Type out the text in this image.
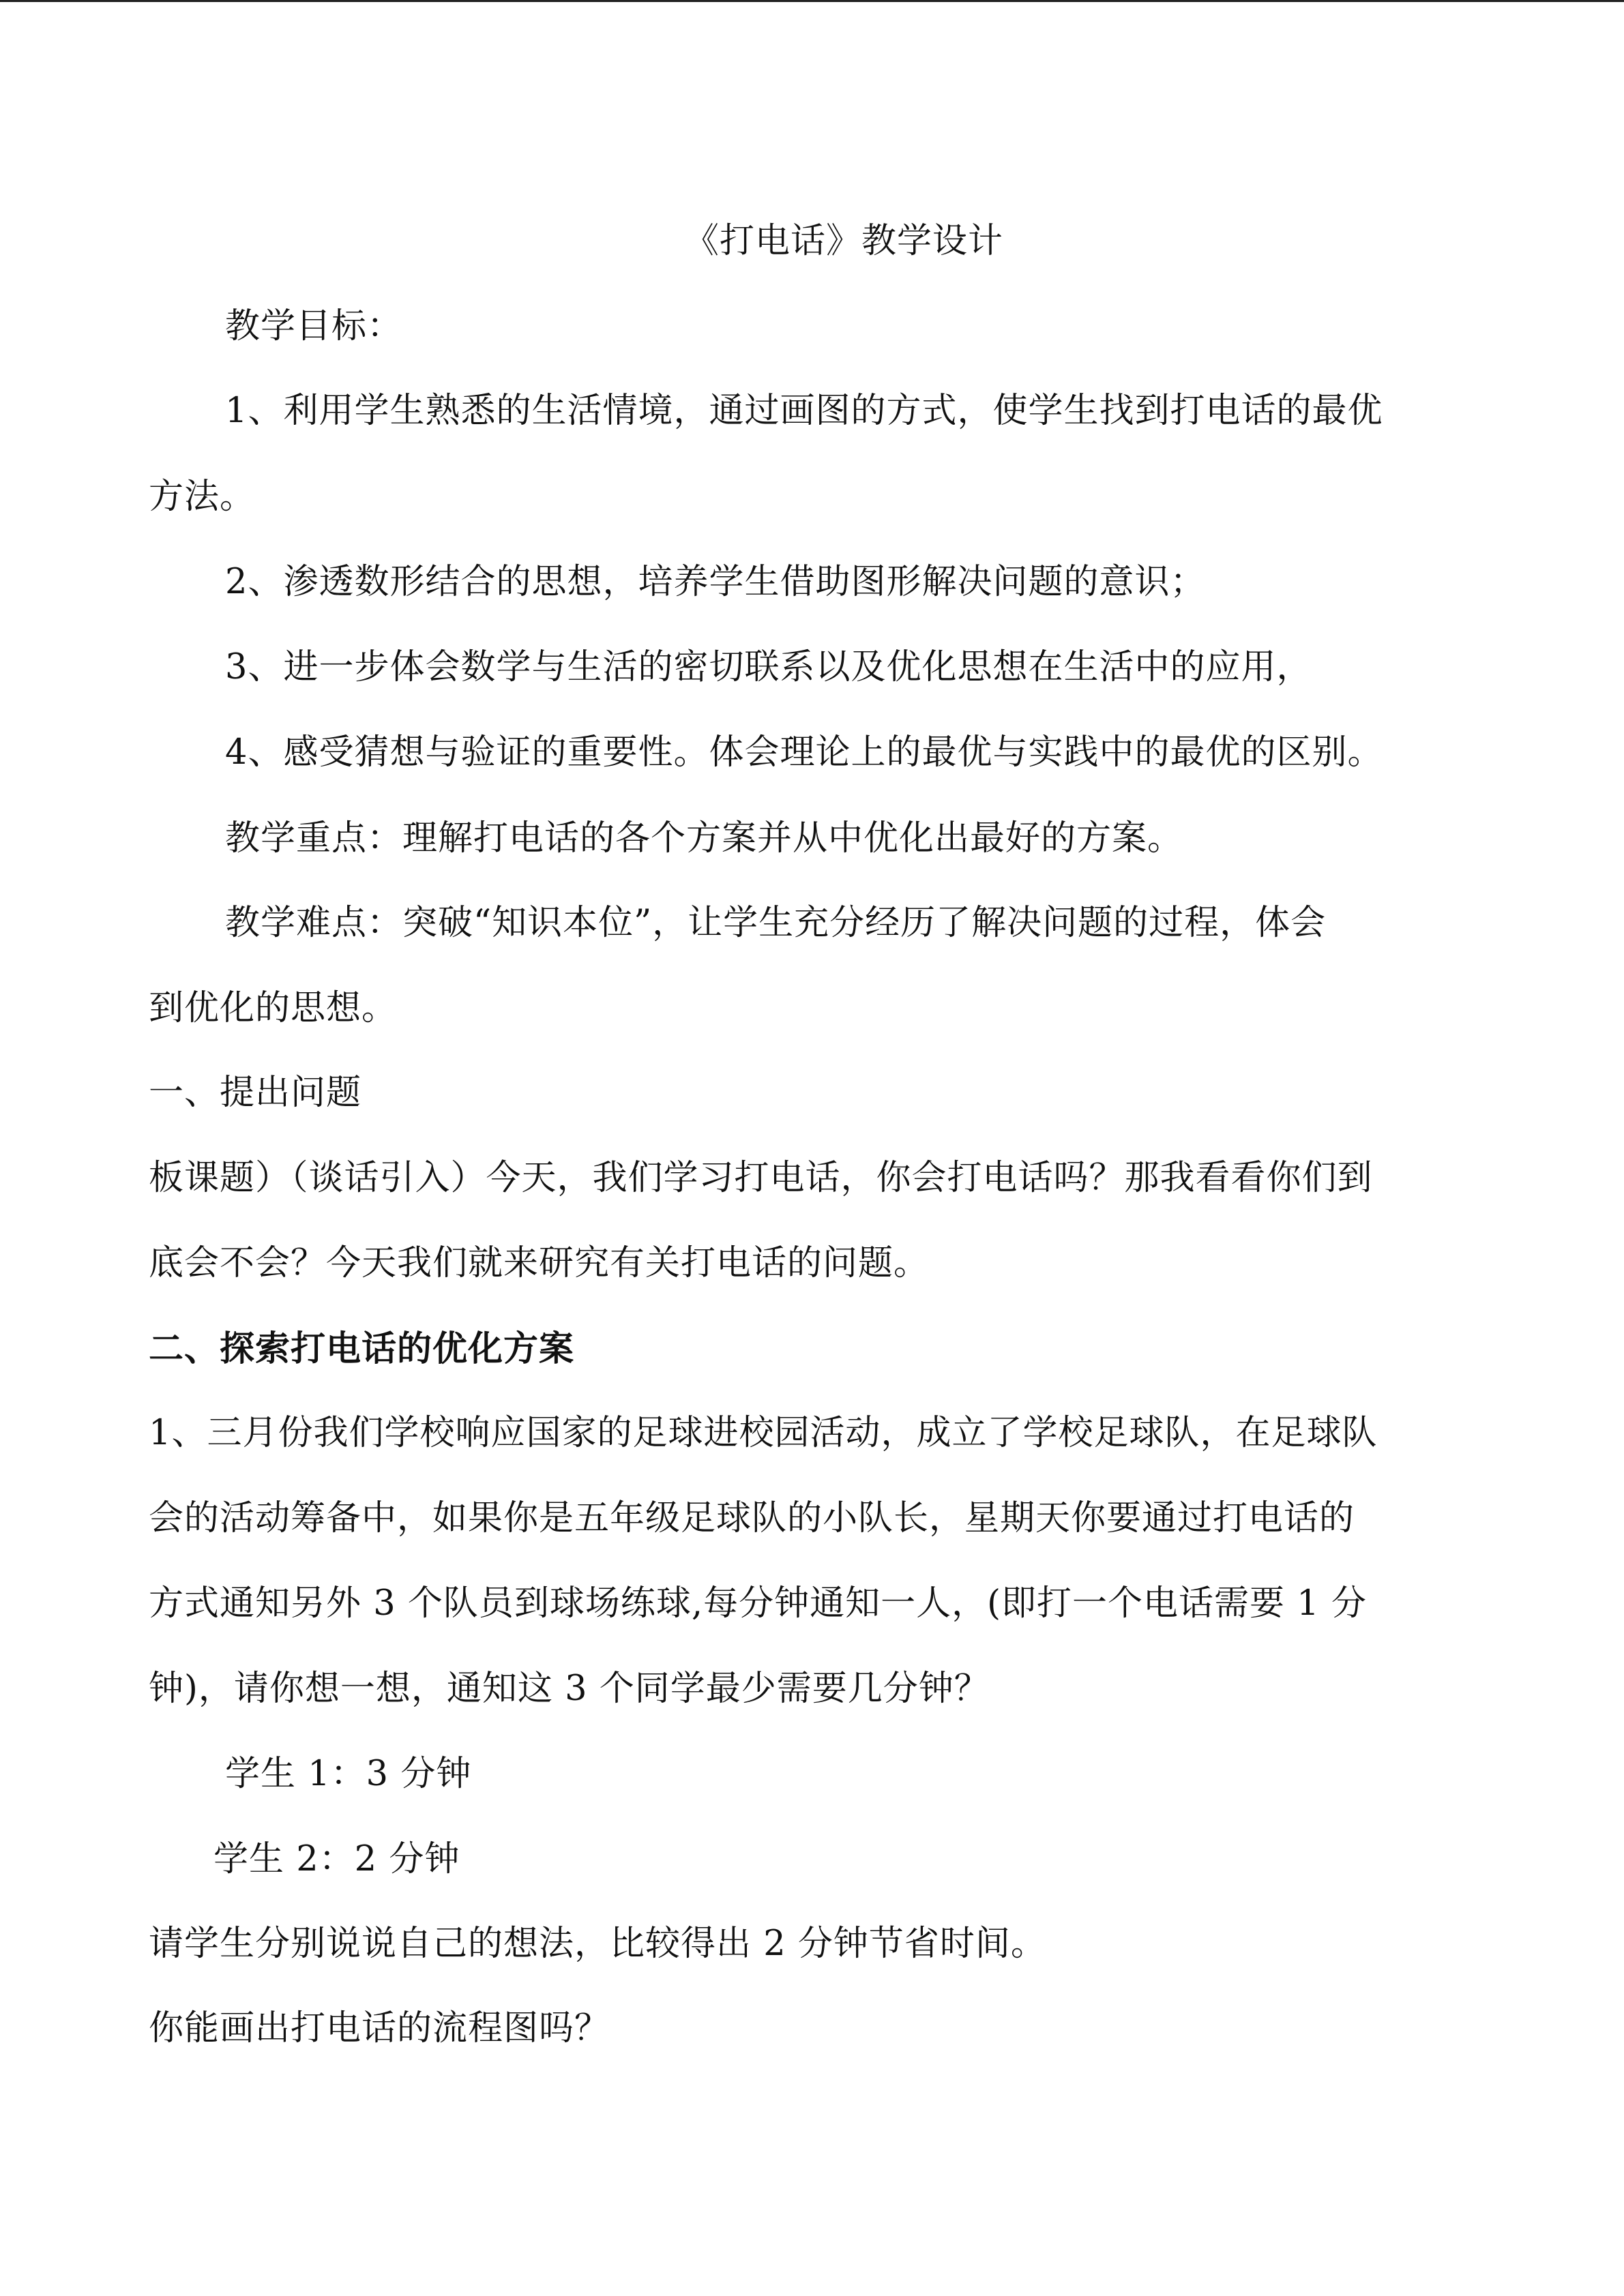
《打电话》教学设计
教学目标：
1、利用学生熟悉的生活情境，通过画图的方式，使学生找到打电话的最优
方法。
2、渗透数形结合的思想，培养学生借助图形解决问题的意识；
3、进一步体会数学与生活的密切联系以及优化思想在生活中的应用，
4、感受猜想与验证的重要性。体会理论上的最优与实践中的最优的区别。
教学重点：理解打电话的各个方案并从中优化出最好的方案。
教学难点：突破“知识本位”，让学生充分经历了解决问题的过程，体会
到优化的思想。
一、提出问题
板课题）（谈话引入）今天，我们学习打电话，你会打电话吗？那我看看你们到
底会不会？今天我们就来研究有关打电话的问题。
二、探索打电话的优化方案
1、三月份我们学校响应国家的足球进校园活动，成立了学校足球队，在足球队
会的活动筹备中，如果你是五年级足球队的小队长，星期天你要通过打电话的
方式通知另外 3 个队员到球场练球,每分钟通知一人，(即打一个电话需要 1 分
钟)，请你想一想，通知这 3 个同学最少需要几分钟？
学生 1：3 分钟
学生 2：2 分钟
请学生分别说说自己的想法，比较得出 2 分钟节省时间。
你能画出打电话的流程图吗？
